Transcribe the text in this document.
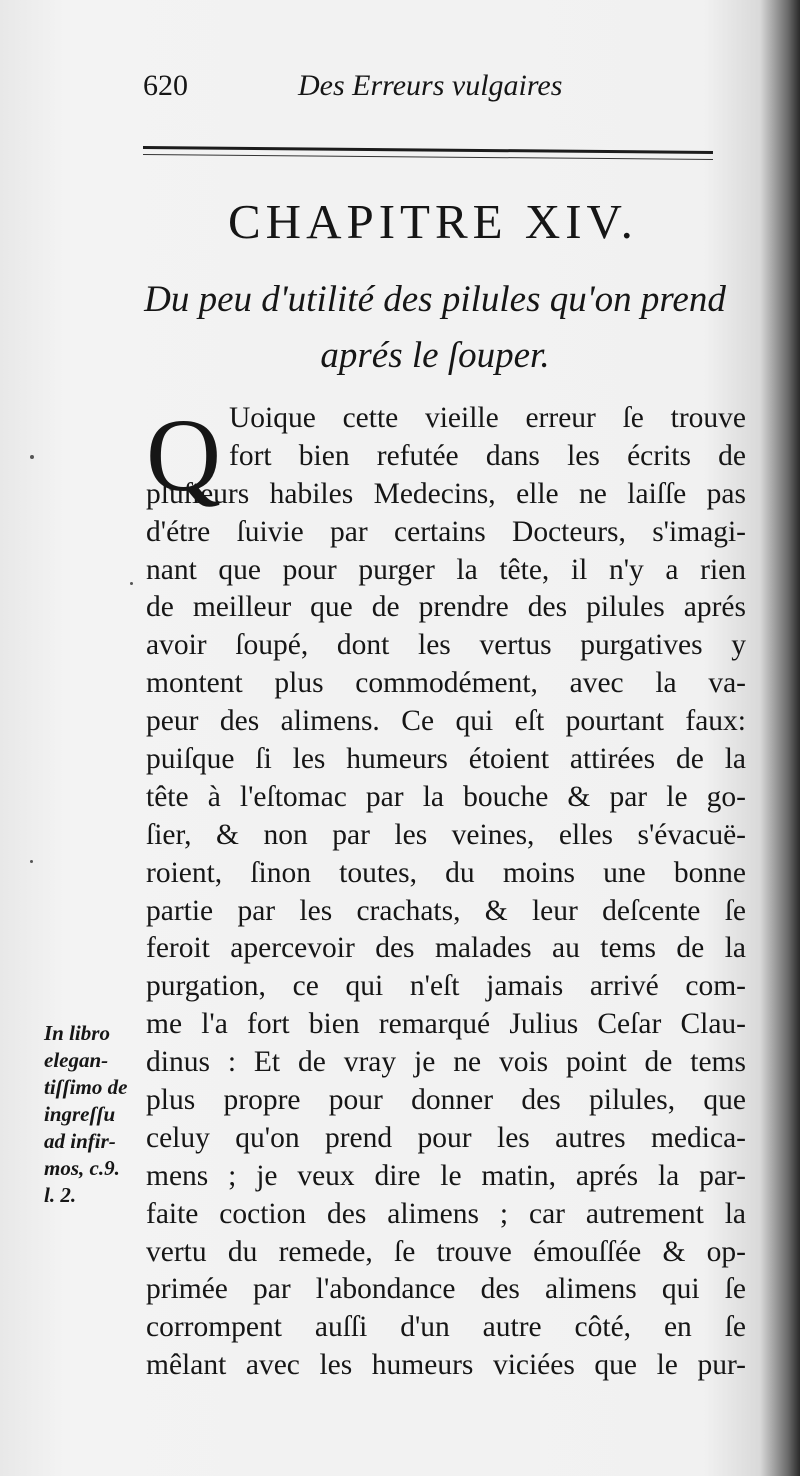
620	Des Erreurs vulgaires
CHAPITRE XIV.
Du peu d'utilité des pilules qu'on prend
aprés le ſouper.
Q Uoique cette vieille erreur ſe trouve
fort bien refutée dans les écrits de
pluſieurs habiles Medecins, elle ne laiſſe pas
d'étre ſuivie par certains Docteurs, s'imagi-
nant que pour purger la tête, il n'y a rien
de meilleur que de prendre des pilules aprés
avoir ſoupé, dont les vertus purgatives y
montent plus commodément, avec la va-
peur des alimens. Ce qui eſt pourtant faux:
puiſque ſi les humeurs étoient attirées de la
tête à l'eſtomac par la bouche & par le go-
ſier, & non par les veines, elles s'évacuë-
roient, ſinon toutes, du moins une bonne
partie par les crachats, & leur deſcente ſe
feroit apercevoir des malades au tems de la
purgation, ce qui n'eſt jamais arrivé com-
me l'a fort bien remarqué Julius Ceſar Clau-
dinus : Et de vray je ne vois point de tems
plus propre pour donner des pilules, que
celuy qu'on prend pour les autres medica-
mens ; je veux dire le matin, aprés la par-
faite coction des alimens ; car autrement la
vertu du remede, ſe trouve émouſſée & op-
primée par l'abondance des alimens qui ſe
corrompent auſſi d'un autre côté, en ſe
mêlant avec les humeurs viciées que le pur-
In libro
elegan-
tiſſimo de
ingreſſu
ad infir-
mos, c.9.
l. 2.
